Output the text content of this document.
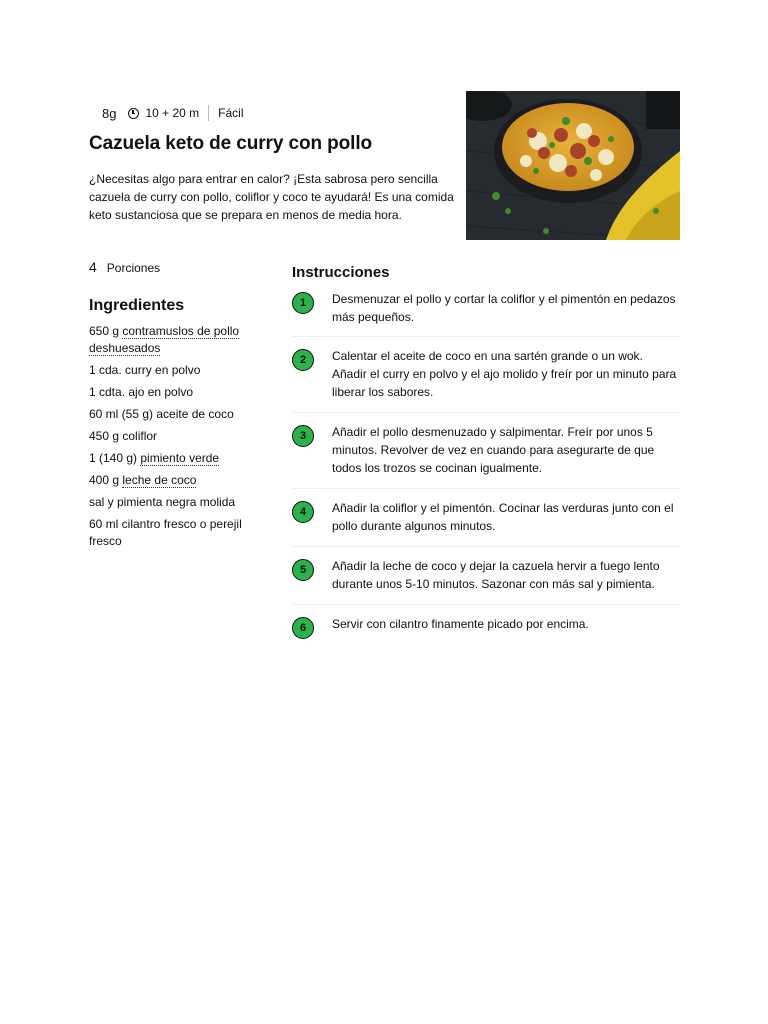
8g 10 + 20 m Fácil
Cazuela keto de curry con pollo

¿Necesitas algo para entrar en calor? ¡Esta sabrosa pero sencilla cazuela de curry con pollo, coliflor y coco te ayudará! Es una comida keto sustanciosa que se prepara en menos de media hora.

4 Porciones
Ingredientes
650 g contramuslos de pollo deshuesados
1 cda. curry en polvo
1 cdta. ajo en polvo
60 ml (55 g) aceite de coco
450 g coliflor
1 (140 g) pimiento verde
400 g leche de coco
sal y pimienta negra molida
60 ml cilantro fresco o perejil fresco
Instrucciones
1	Desmenuzar el pollo y cortar la coliflor y el pimentón en pedazos más pequeños.
2	Calentar el aceite de coco en una sartén grande o un wok. Añadir el curry en polvo y el ajo molido y freír por un minuto para liberar los sabores.
3	Añadir el pollo desmenuzado y salpimentar. Freír por unos 5 minutos. Revolver de vez en cuando para asegurarte de que todos los trozos se cocinan igualmente.
4	Añadir la coliflor y el pimentón. Cocinar las verduras junto con el pollo durante algunos minutos.
5	Añadir la leche de coco y dejar la cazuela hervir a fuego lento durante unos 5-10 minutos. Sazonar con más sal y pimienta.
6	Servir con cilantro finamente picado por encima.
